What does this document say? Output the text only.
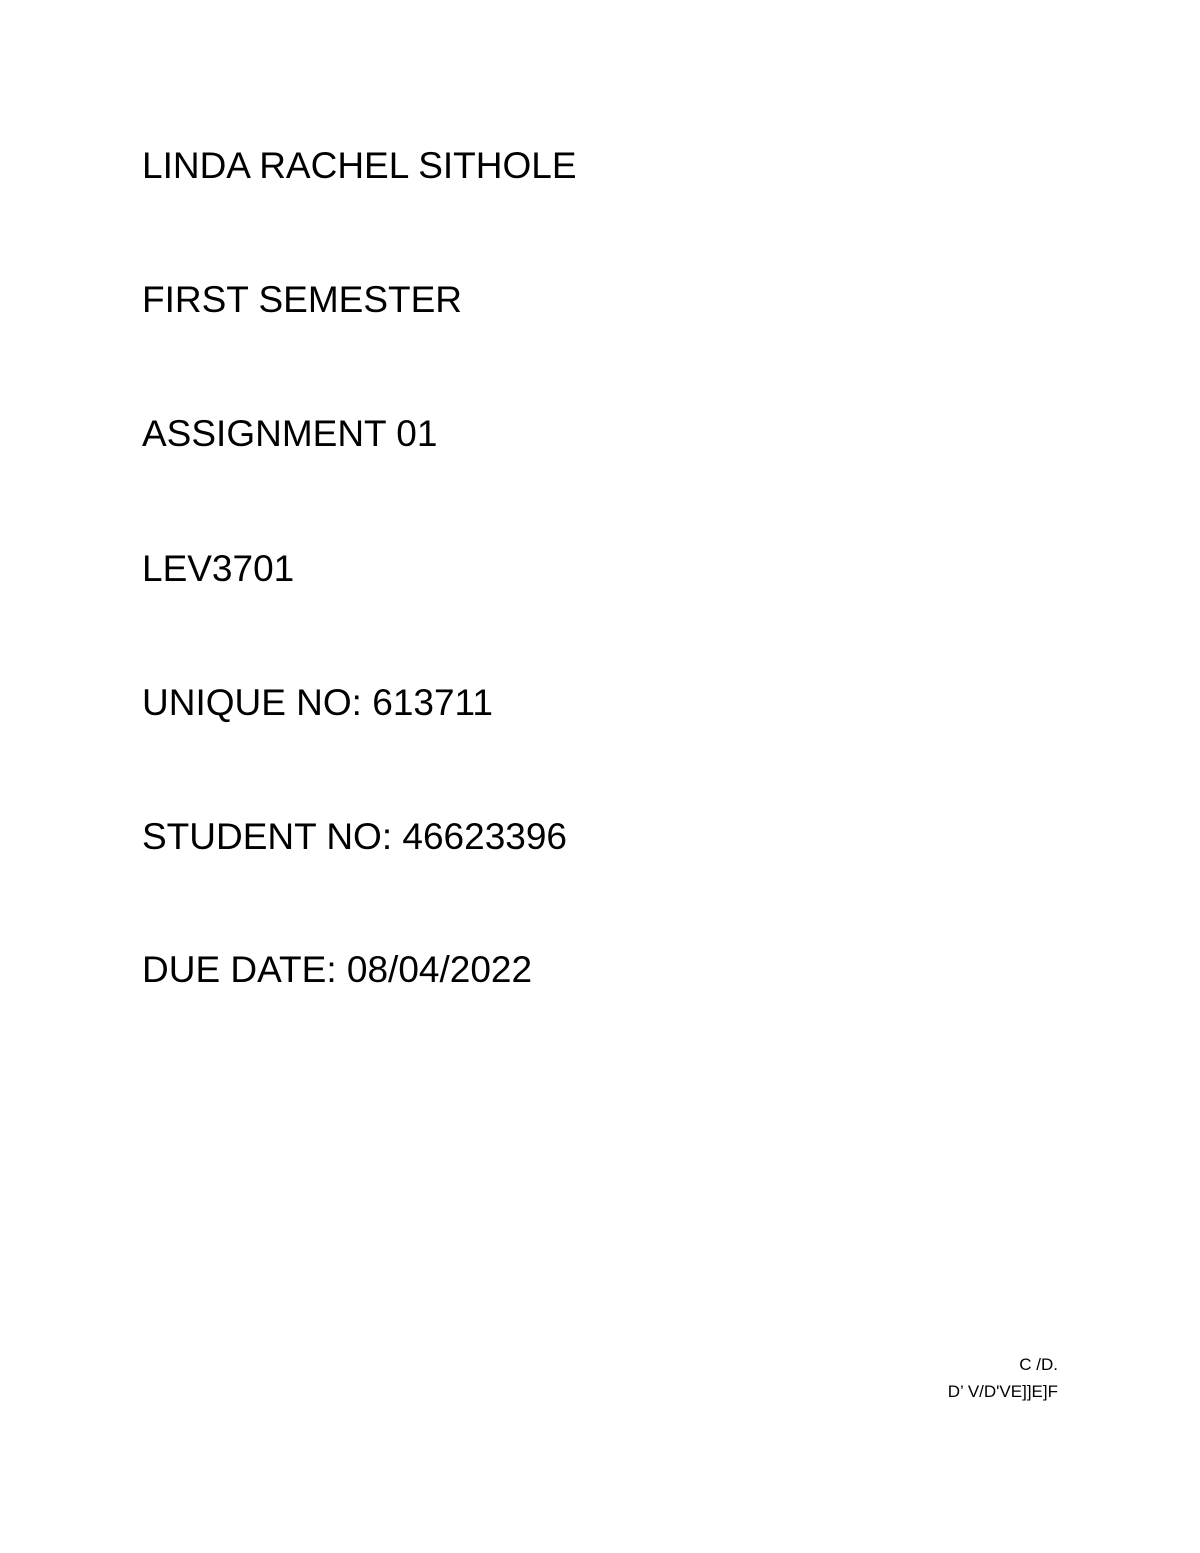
LINDA RACHEL SITHOLE
FIRST SEMESTER
ASSIGNMENT 01
LEV3701
UNIQUE NO: 613711
STUDENT NO: 46623396
DUE DATE: 08/04/2022
C /D.
D’ V/D'VE]]E]F
